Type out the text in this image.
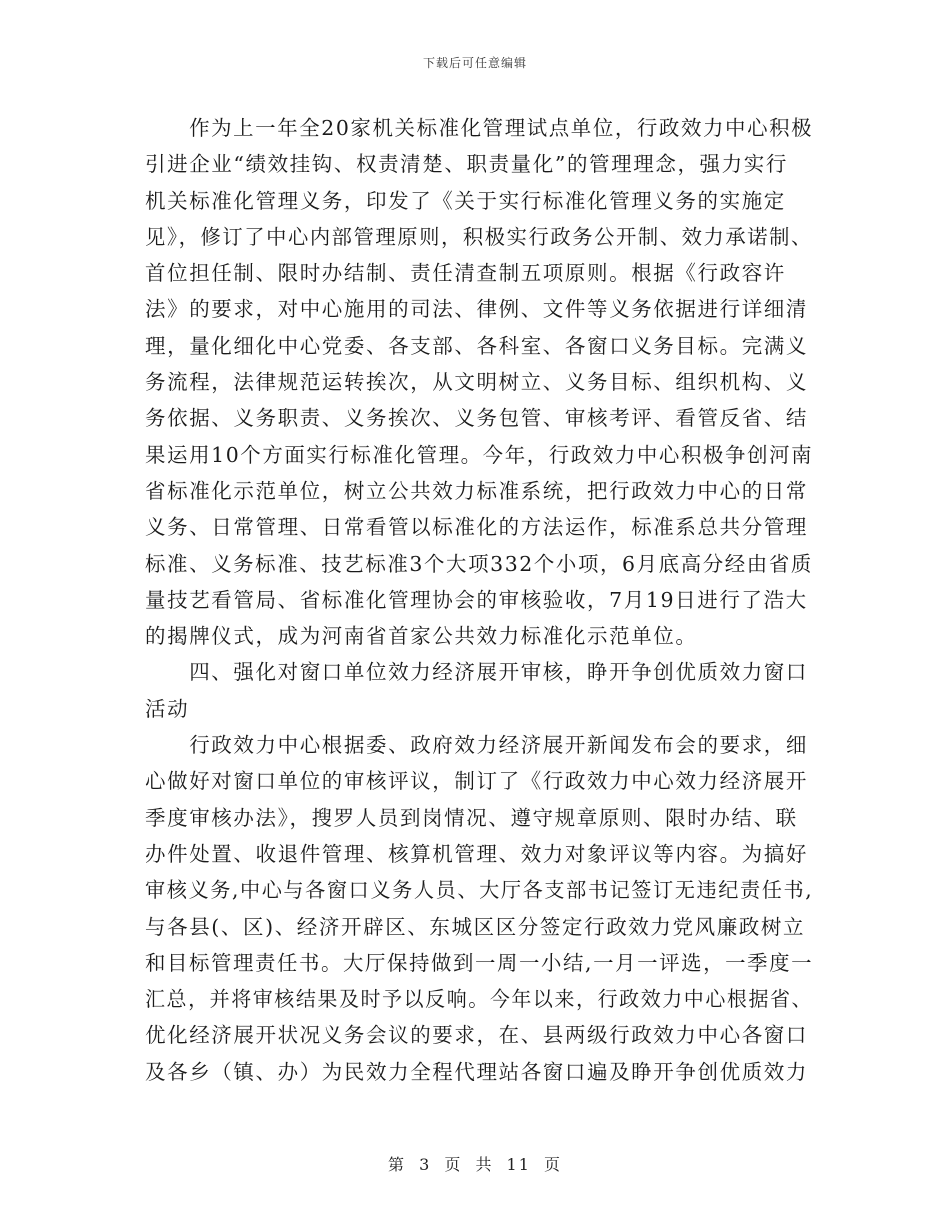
下载后可任意编辑
　　作为上一年全20家机关标准化管理试点单位，行政效力中心积极
引进企业“绩效挂钩、权责清楚、职责量化”的管理理念，强力实行
机关标准化管理义务，印发了《关于实行标准化管理义务的实施定
见》，修订了中心内部管理原则，积极实行政务公开制、效力承诺制、
首位担任制、限时办结制、责任清查制五项原则。根据《行政容许
法》的要求，对中心施用的司法、律例、文件等义务依据进行详细清
理，量化细化中心党委、各支部、各科室、各窗口义务目标。完满义
务流程，法律规范运转挨次，从文明树立、义务目标、组织机构、义
务依据、义务职责、义务挨次、义务包管、审核考评、看管反省、结
果运用10个方面实行标准化管理。今年，行政效力中心积极争创河南
省标准化示范单位，树立公共效力标准系统，把行政效力中心的日常
义务、日常管理、日常看管以标准化的方法运作，标准系总共分管理
标准、义务标准、技艺标准3个大项332个小项，6月底高分经由省质
量技艺看管局、省标准化管理协会的审核验收，7月19日进行了浩大
的揭牌仪式，成为河南省首家公共效力标准化示范单位。
　　四、强化对窗口单位效力经济展开审核，睁开争创优质效力窗口
活动
　　行政效力中心根据委、政府效力经济展开新闻发布会的要求，细
心做好对窗口单位的审核评议，制订了《行政效力中心效力经济展开
季度审核办法》，搜罗人员到岗情况、遵守规章原则、限时办结、联
办件处置、收退件管理、核算机管理、效力对象评议等内容。为搞好
审核义务,中心与各窗口义务人员、大厅各支部书记签订无违纪责任书,
与各县(、区)、经济开辟区、东城区区分签定行政效力党风廉政树立
和目标管理责任书。大厅保持做到一周一小结,一月一评选，一季度一
汇总，并将审核结果及时予以反响。今年以来，行政效力中心根据省、
优化经济展开状况义务会议的要求，在、县两级行政效力中心各窗口
及各乡（镇、办）为民效力全程代理站各窗口遍及睁开争创优质效力
第 3 页 共 11 页
